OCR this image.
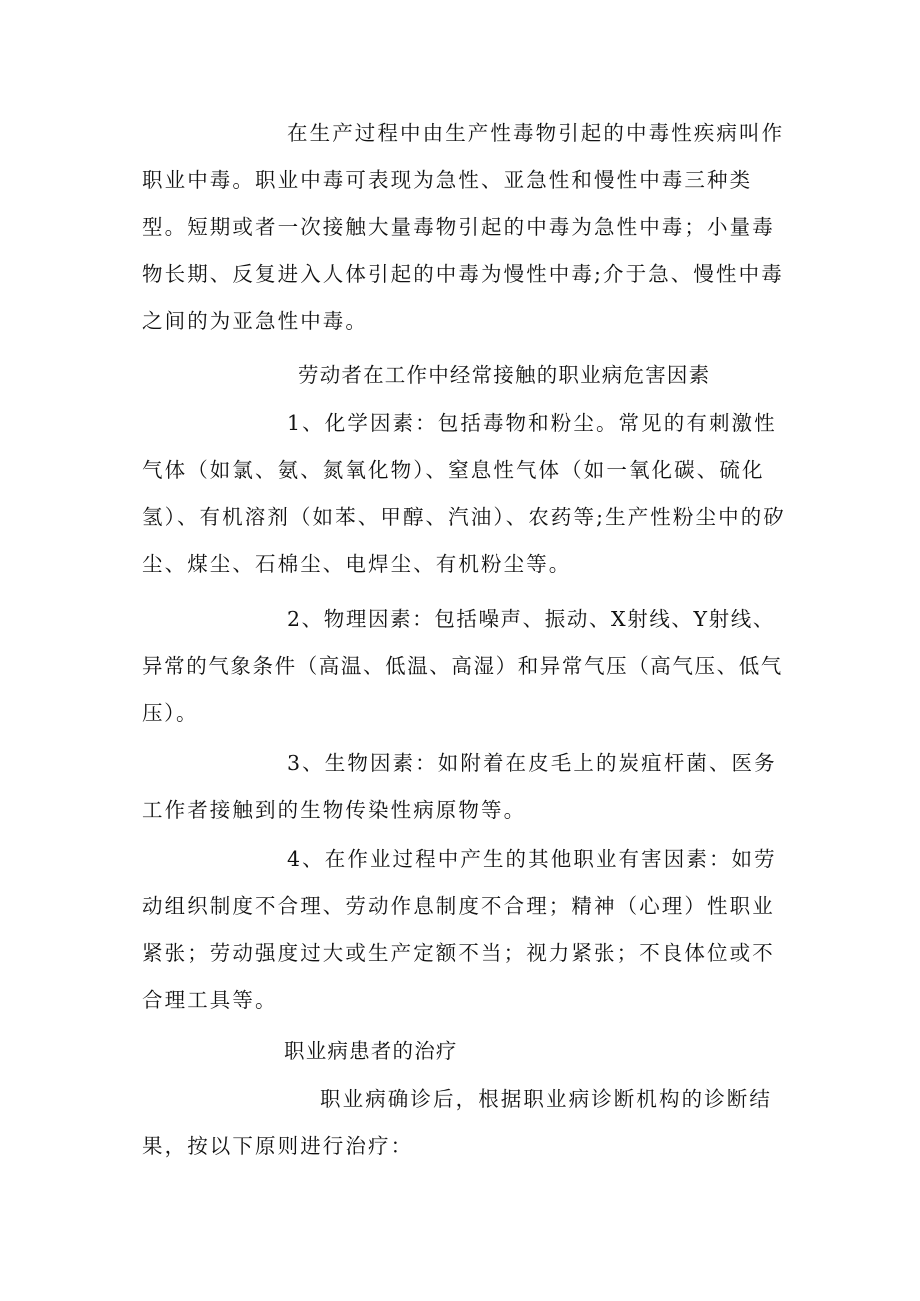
在生产过程中由生产性毒物引起的中毒性疾病叫作职业中毒。职业中毒可表现为急性、亚急性和慢性中毒三种类型。短期或者一次接触大量毒物引起的中毒为急性中毒；小量毒物长期、反复进入人体引起的中毒为慢性中毒;介于急、慢性中毒之间的为亚急性中毒。

劳动者在工作中经常接触的职业病危害因素

1、化学因素：包括毒物和粉尘。常见的有刺激性气体（如氯、氨、氮氧化物）、窒息性气体（如一氧化碳、硫化氢）、有机溶剂（如苯、甲醇、汽油）、农药等;生产性粉尘中的矽尘、煤尘、石棉尘、电焊尘、有机粉尘等。

2、物理因素：包括噪声、振动、X射线、Y射线、异常的气象条件（高温、低温、高湿）和异常气压（高气压、低气压）。

3、生物因素：如附着在皮毛上的炭疽杆菌、医务工作者接触到的生物传染性病原物等。

4、在作业过程中产生的其他职业有害因素：如劳动组织制度不合理、劳动作息制度不合理；精神（心理）性职业紧张；劳动强度过大或生产定额不当；视力紧张；不良体位或不合理工具等。

职业病患者的治疗

职业病确诊后，根据职业病诊断机构的诊断结果，按以下原则进行治疗：
